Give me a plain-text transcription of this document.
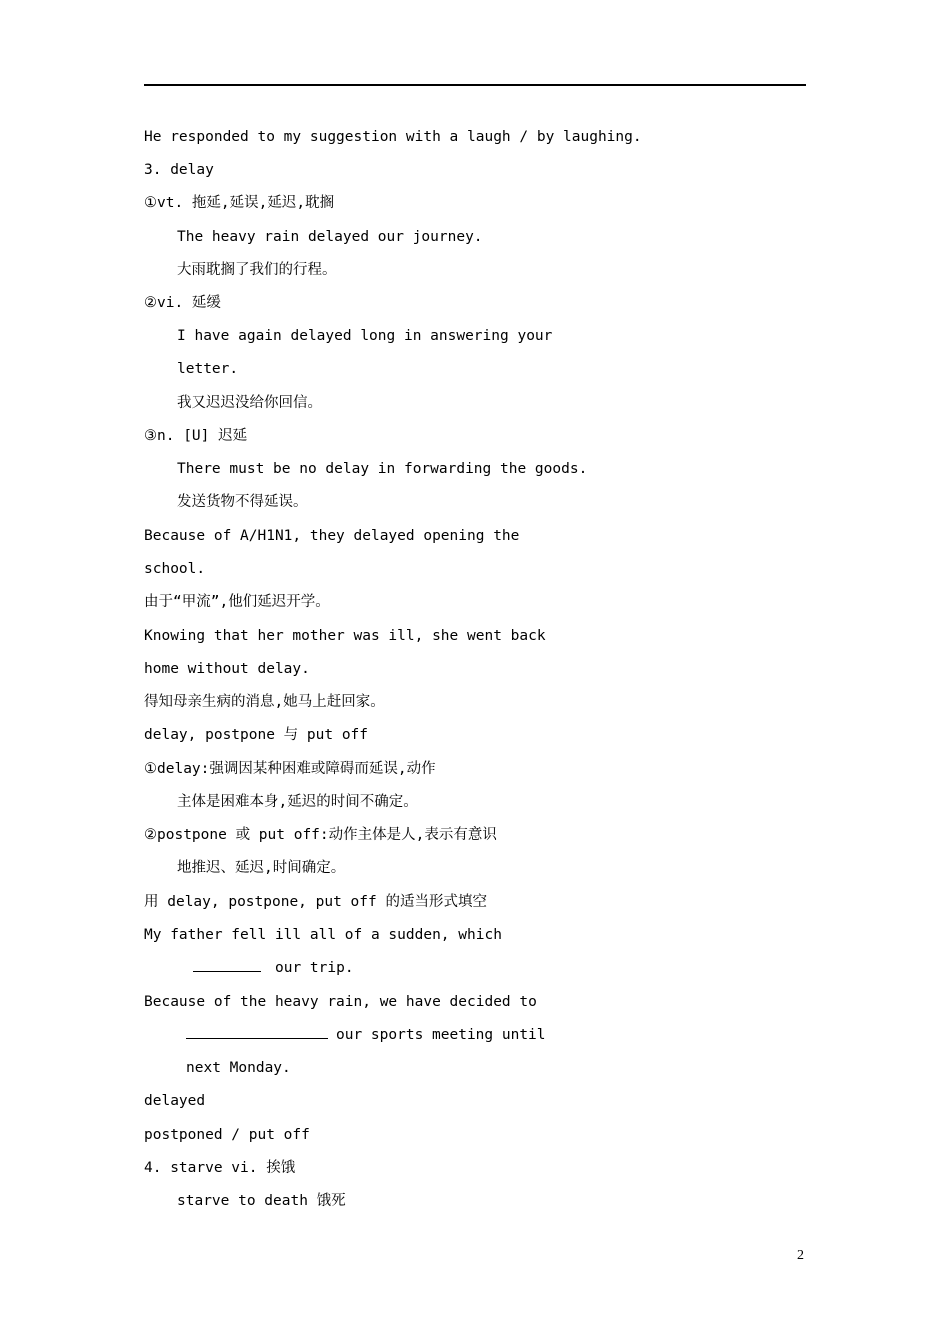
He responded to my suggestion with a laugh / by laughing.

3. delay

①vt. 拖延,延误,延迟,耽搁

The heavy rain delayed our journey.

大雨耽搁了我们的行程。

②vi. 延缓

I have again delayed long in answering your

letter.

我又迟迟没给你回信。

③n. [U] 迟延

There must be no delay in forwarding the goods.

发送货物不得延误。

Because of A/H1N1, they delayed opening the

school.

由于“甲流”,他们延迟开学。

Knowing that her mother was ill, she went back

home without delay.

得知母亲生病的消息,她马上赶回家。

delay, postpone 与 put off

①delay:强调因某种困难或障碍而延误,动作

主体是困难本身,延迟的时间不确定。

②postpone 或 put off:动作主体是人,表示有意识

地推迟、延迟,时间确定。

用 delay, postpone, put off 的适当形式填空

My father fell ill all of a sudden, which

our trip.

Because of the heavy rain, we have decided to

our sports meeting until

next Monday.

delayed

postponed / put off

4. starve vi. 挨饿

starve to death 饿死

2
